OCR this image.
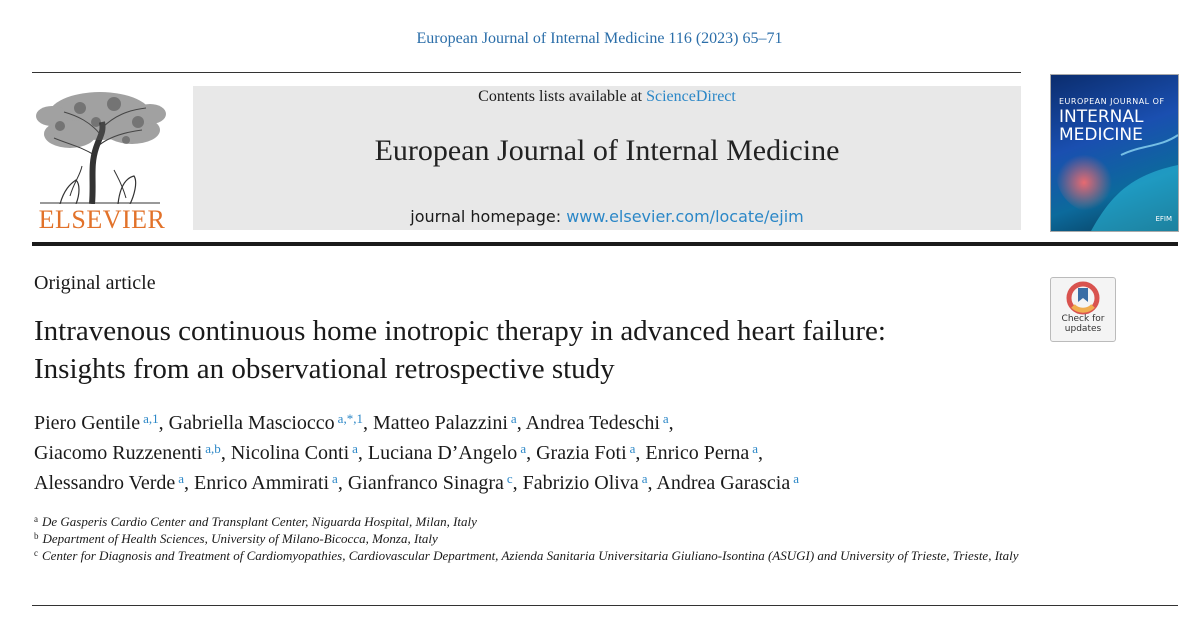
European Journal of Internal Medicine 116 (2023) 65–71
ELSEVIER
Contents lists available at ScienceDirect
European Journal of Internal Medicine
journal homepage: www.elsevier.com/locate/ejim
EUROPEAN JOURNAL OF
INTERNAL
MEDICINE
EFIM
Original article
Intravenous continuous home inotropic therapy in advanced heart failure:
Insights from an observational retrospective study
Check for
updates
Piero Gentile $^{a,1}$, Gabriella Masciocco $^{a,*,1}$, Matteo Palazzini $^a$, Andrea Tedeschi $^a$,
Giacomo Ruzzenenti $^{a,b}$, Nicolina Conti $^a$, Luciana D’Angelo $^a$, Grazia Foti $^a$, Enrico Perna $^a$,
Alessandro Verde $^a$, Enrico Ammirati $^a$, Gianfranco Sinagra $^c$, Fabrizio Oliva $^a$, Andrea Garascia $^a$
$^a$ De Gasperis Cardio Center and Transplant Center, Niguarda Hospital, Milan, Italy
$^b$ Department of Health Sciences, University of Milano-Bicocca, Monza, Italy
$^c$ Center for Diagnosis and Treatment of Cardiomyopathies, Cardiovascular Department, Azienda Sanitaria Universitaria Giuliano-Isontina (ASUGI) and University of Trieste, Trieste, Italy
